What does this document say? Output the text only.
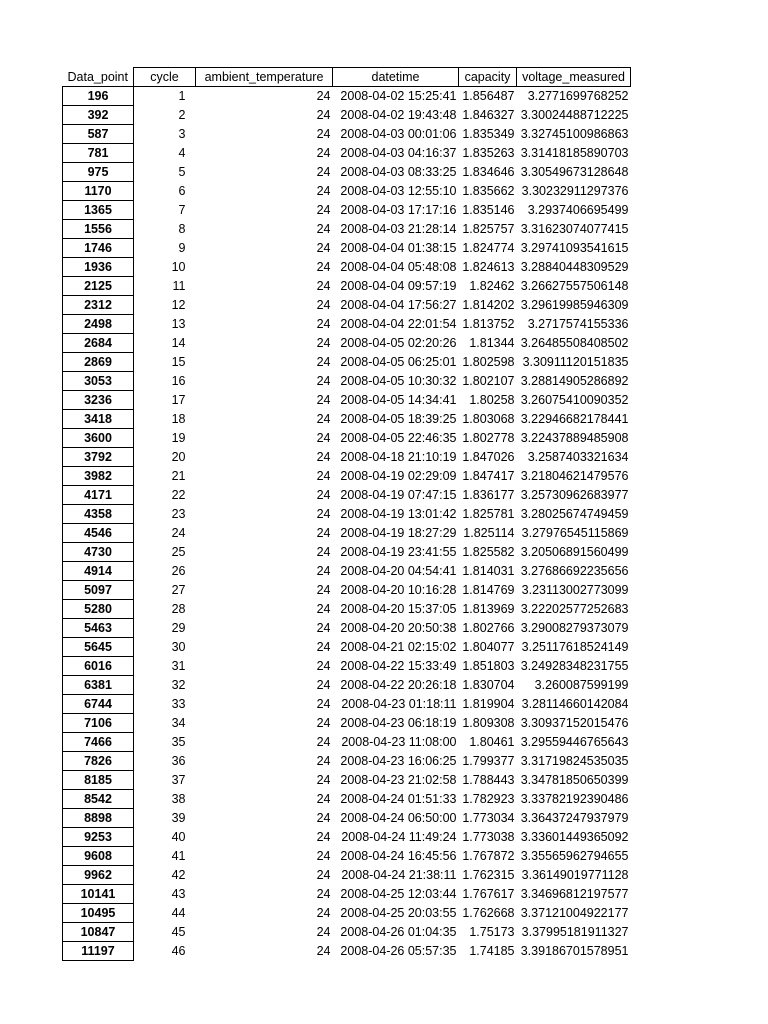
Data_point	cycle	ambient_temperature	datetime	capacity	voltage_measured
196	1	24	2008-04-02 15:25:41	1.856487	3.2771699768252
392	2	24	2008-04-02 19:43:48	1.846327	3.30024488712225
587	3	24	2008-04-03 00:01:06	1.835349	3.32745100986863
781	4	24	2008-04-03 04:16:37	1.835263	3.31418185890703
975	5	24	2008-04-03 08:33:25	1.834646	3.30549673128648
1170	6	24	2008-04-03 12:55:10	1.835662	3.30232911297376
1365	7	24	2008-04-03 17:17:16	1.835146	3.2937406695499
1556	8	24	2008-04-03 21:28:14	1.825757	3.31623074077415
1746	9	24	2008-04-04 01:38:15	1.824774	3.29741093541615
1936	10	24	2008-04-04 05:48:08	1.824613	3.28840448309529
2125	11	24	2008-04-04 09:57:19	1.82462	3.26627557506148
2312	12	24	2008-04-04 17:56:27	1.814202	3.29619985946309
2498	13	24	2008-04-04 22:01:54	1.813752	3.2717574155336
2684	14	24	2008-04-05 02:20:26	1.81344	3.26485508408502
2869	15	24	2008-04-05 06:25:01	1.802598	3.30911120151835
3053	16	24	2008-04-05 10:30:32	1.802107	3.28814905286892
3236	17	24	2008-04-05 14:34:41	1.80258	3.26075410090352
3418	18	24	2008-04-05 18:39:25	1.803068	3.22946682178441
3600	19	24	2008-04-05 22:46:35	1.802778	3.22437889485908
3792	20	24	2008-04-18 21:10:19	1.847026	3.2587403321634
3982	21	24	2008-04-19 02:29:09	1.847417	3.21804621479576
4171	22	24	2008-04-19 07:47:15	1.836177	3.25730962683977
4358	23	24	2008-04-19 13:01:42	1.825781	3.28025674749459
4546	24	24	2008-04-19 18:27:29	1.825114	3.27976545115869
4730	25	24	2008-04-19 23:41:55	1.825582	3.20506891560499
4914	26	24	2008-04-20 04:54:41	1.814031	3.27686692235656
5097	27	24	2008-04-20 10:16:28	1.814769	3.23113002773099
5280	28	24	2008-04-20 15:37:05	1.813969	3.22202577252683
5463	29	24	2008-04-20 20:50:38	1.802766	3.29008279373079
5645	30	24	2008-04-21 02:15:02	1.804077	3.25117618524149
6016	31	24	2008-04-22 15:33:49	1.851803	3.24928348231755
6381	32	24	2008-04-22 20:26:18	1.830704	3.260087599199
6744	33	24	2008-04-23 01:18:11	1.819904	3.28114660142084
7106	34	24	2008-04-23 06:18:19	1.809308	3.30937152015476
7466	35	24	2008-04-23 11:08:00	1.80461	3.29559446765643
7826	36	24	2008-04-23 16:06:25	1.799377	3.31719824535035
8185	37	24	2008-04-23 21:02:58	1.788443	3.34781850650399
8542	38	24	2008-04-24 01:51:33	1.782923	3.33782192390486
8898	39	24	2008-04-24 06:50:00	1.773034	3.36437247937979
9253	40	24	2008-04-24 11:49:24	1.773038	3.33601449365092
9608	41	24	2008-04-24 16:45:56	1.767872	3.35565962794655
9962	42	24	2008-04-24 21:38:11	1.762315	3.36149019771128
10141	43	24	2008-04-25 12:03:44	1.767617	3.34696812197577
10495	44	24	2008-04-25 20:03:55	1.762668	3.37121004922177
10847	45	24	2008-04-26 01:04:35	1.75173	3.37995181911327
11197	46	24	2008-04-26 05:57:35	1.74185	3.39186701578951
